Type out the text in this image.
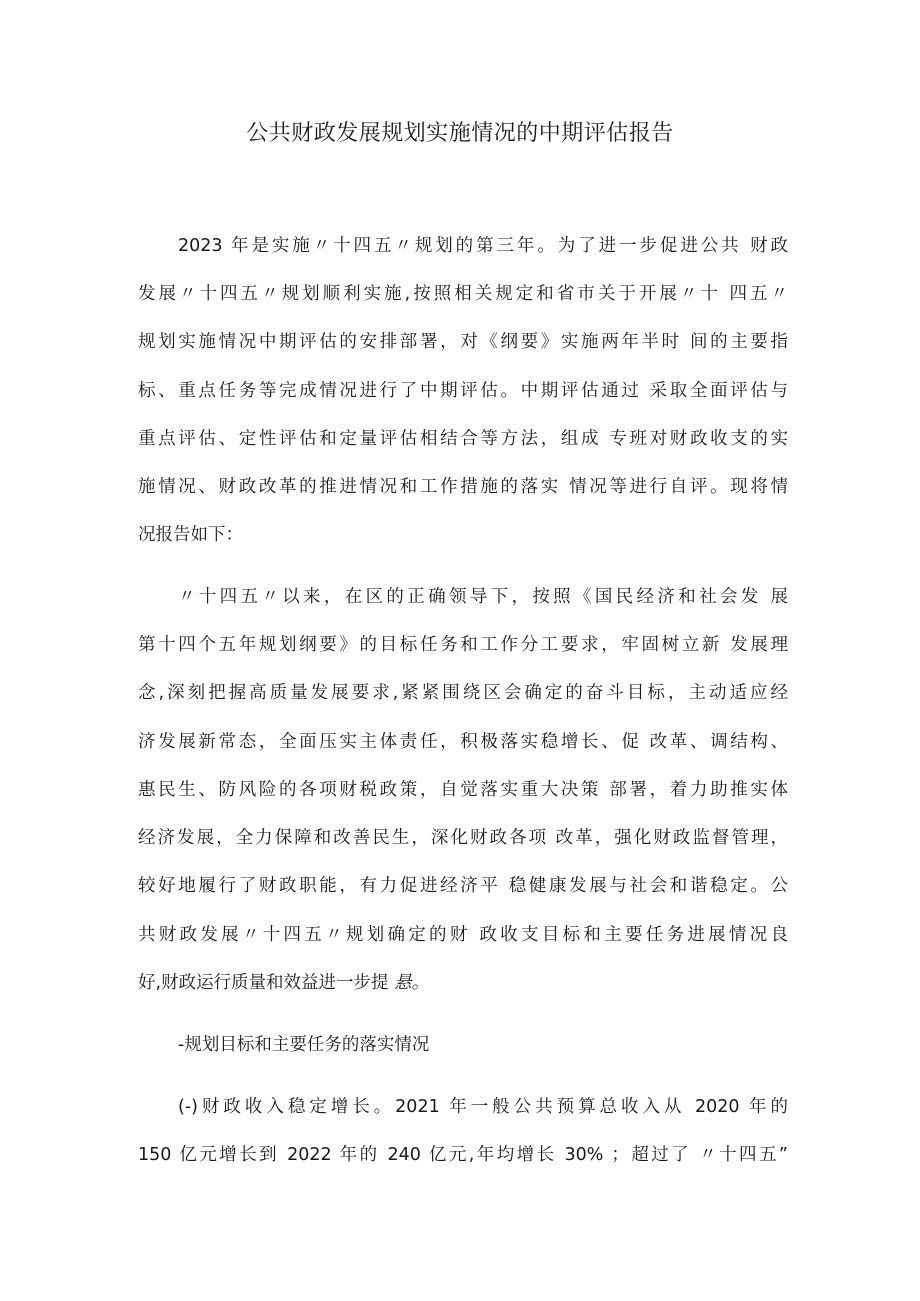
公共财政发展规划实施情况的中期评估报告
2023 年是实施〃十四五〃规划的第三年。为了进一步促进公共 财政
发展〃十四五〃规划顺利实施,按照相关规定和省市关于开展〃十 四五〃
规划实施情况中期评估的安排部署，对《纲要》实施两年半时 间的主要指
标、重点任务等完成情况进行了中期评估。中期评估通过 采取全面评估与
重点评估、定性评估和定量评估相结合等方法，组成 专班对财政收支的实
施情况、财政改革的推进情况和工作措施的落实 情况等进行自评。现将情
况报告如下：
〃十四五〃以来，在区的正确领导下，按照《国民经济和社会发 展
第十四个五年规划纲要》的目标任务和工作分工要求，牢固树立新 发展理
念,深刻把握高质量发展要求,紧紧围绕区会确定的奋斗目标，主动适应经
济发展新常态，全面压实主体责任，积极落实稳增长、促 改革、调结构、
惠民生、防风险的各项财税政策，自觉落实重大决策 部署，着力助推实体
经济发展，全力保障和改善民生，深化财政各项 改革，强化财政监督管理，
较好地履行了财政职能，有力促进经济平 稳健康发展与社会和谐稳定。公
共财政发展〃十四五〃规划确定的财 政收支目标和主要任务进展情况良
好,财政运行质量和效益进一步提 悬。
-规划目标和主要任务的落实情况
(-)财政收入稳定增长。2021 年一般公共预算总收入从 2020 年的
150 亿元增长到 2022 年的 240 亿元,年均增长 30% ；超过了 〃十四五”
